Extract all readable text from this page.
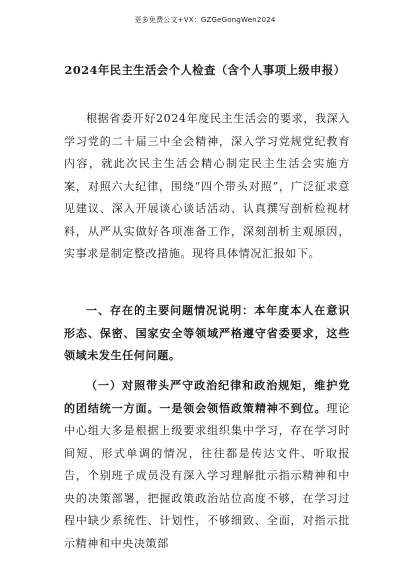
更多免费公文+VX：GZGeGongWen2024
2024年民主生活会个人检查（含个人事项上级申报）

根据省委开好2024年度民主生活会的要求，我深入学习党的二十届三中全会精神，深入学习党规党纪教育内容，就此次民主生活会精心制定民主生活会实施方案，对照六大纪律，围绕“四个带头对照”，广泛征求意见建议、深入开展谈心谈话活动、认真撰写剖析检视材料，从严从实做好各项准备工作，深刻剖析主观原因，实事求是制定整改措施。现将具体情况汇报如下。

一、存在的主要问题情况说明：本年度本人在意识形态、保密、国家安全等领域严格遵守省委要求，这些领域未发生任何问题。

（一）对照带头严守政治纪律和政治规矩，维护党的团结统一方面。一是领会领悟政策精神不到位。理论中心组大多是根据上级要求组织集中学习，存在学习时间短、形式单调的情况，往往都是传达文件、听取报告，个别班子成员没有深入学习理解批示指示精神和中央的决策部署，把握政策政治站位高度不够，在学习过程中缺少系统性、计划性，不够细致、全面，对指示批示精神和中央决策部
